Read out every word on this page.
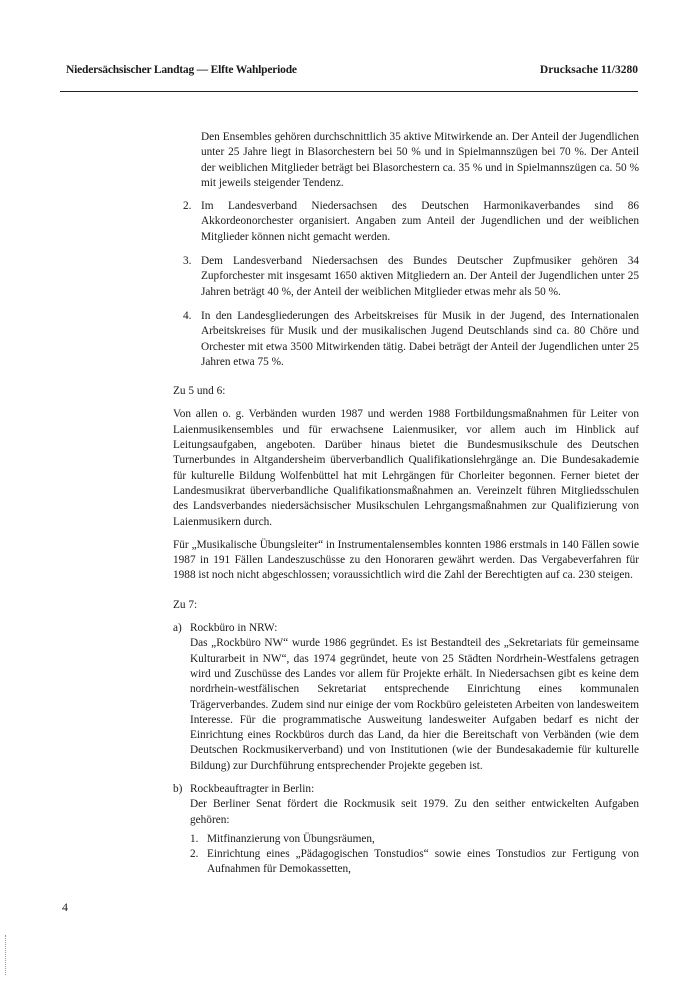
Niedersächsischer Landtag — Elfte Wahlperiode	Drucksache 11/3280

Den Ensembles gehören durchschnittlich 35 aktive Mitwirkende an. Der Anteil der Jugendlichen unter 25 Jahre liegt in Blasorchestern bei 50 % und in Spielmannszügen bei 70 %. Der Anteil der weiblichen Mitglieder beträgt bei Blasorchestern ca. 35 % und in Spielmannszügen ca. 50 % mit jeweils steigender Tendenz.

2. Im Landesverband Niedersachsen des Deutschen Harmonikaverbandes sind 86 Akkordeonorchester organisiert. Angaben zum Anteil der Jugendlichen und der weiblichen Mitglieder können nicht gemacht werden.

3. Dem Landesverband Niedersachsen des Bundes Deutscher Zupfmusiker gehören 34 Zupforchester mit insgesamt 1650 aktiven Mitgliedern an. Der Anteil der Jugendlichen unter 25 Jahren beträgt 40 %, der Anteil der weiblichen Mitglieder etwas mehr als 50 %.

4. In den Landesgliederungen des Arbeitskreises für Musik in der Jugend, des Internationalen Arbeitskreises für Musik und der musikalischen Jugend Deutschlands sind ca. 80 Chöre und Orchester mit etwa 3500 Mitwirkenden tätig. Dabei beträgt der Anteil der Jugendlichen unter 25 Jahren etwa 75 %.

Zu 5 und 6:

Von allen o. g. Verbänden wurden 1987 und werden 1988 Fortbildungsmaßnahmen für Leiter von Laienmusikensembles und für erwachsene Laienmusiker, vor allem auch im Hinblick auf Leitungsaufgaben, angeboten. Darüber hinaus bietet die Bundesmusikschule des Deutschen Turnerbundes in Altgandersheim überverbandlich Qualifikationslehrgänge an. Die Bundesakademie für kulturelle Bildung Wolfenbüttel hat mit Lehrgängen für Chorleiter begonnen. Ferner bietet der Landesmusikrat überverbandliche Qualifikationsmaßnahmen an. Vereinzelt führen Mitgliedsschulen des Landsverbandes niedersächsischer Musikschulen Lehrgangsmaßnahmen zur Qualifizierung von Laienmusikern durch.

Für „Musikalische Übungsleiter“ in Instrumentalensembles konnten 1986 erstmals in 140 Fällen sowie 1987 in 191 Fällen Landeszuschüsse zu den Honoraren gewährt werden. Das Vergabeverfahren für 1988 ist noch nicht abgeschlossen; voraussichtlich wird die Zahl der Berechtigten auf ca. 230 steigen.

Zu 7:
a) Rockbüro in NRW:

Das „Rockbüro NW“ wurde 1986 gegründet. Es ist Bestandteil des „Sekretariats für gemeinsame Kulturarbeit in NW“, das 1974 gegründet, heute von 25 Städten Nordrhein-Westfalens getragen wird und Zuschüsse des Landes vor allem für Projekte erhält. In Niedersachsen gibt es keine dem nordrhein-westfälischen Sekretariat entsprechende Einrichtung eines kommunalen Trägerverbandes. Zudem sind nur einige der vom Rockbüro geleisteten Arbeiten von landesweitem Interesse. Für die programmatische Ausweitung landesweiter Aufgaben bedarf es nicht der Einrichtung eines Rockbüros durch das Land, da hier die Bereitschaft von Verbänden (wie dem Deutschen Rockmusikerverband) und von Institutionen (wie der Bundesakademie für kulturelle Bildung) zur Durchführung entsprechender Projekte gegeben ist.

b) Rockbeauftragter in Berlin:

Der Berliner Senat fördert die Rockmusik seit 1979. Zu den seither entwickelten Aufgaben gehören:

1. Mitfinanzierung von Übungsräumen,

2. Einrichtung eines „Pädagogischen Tonstudios“ sowie eines Tonstudios zur Fertigung von Aufnahmen für Demokassetten,

4
